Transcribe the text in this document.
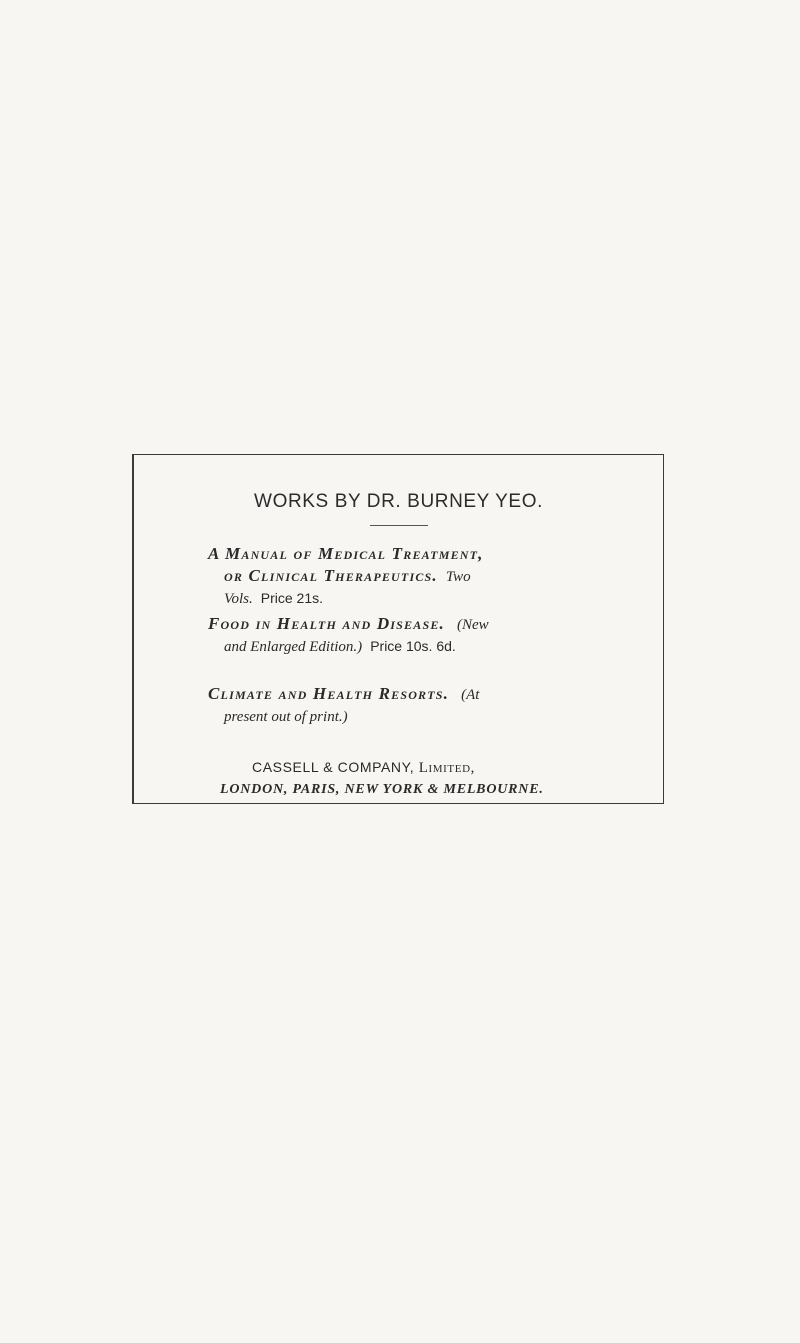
WORKS BY DR. BURNEY YEO.
A Manual of Medical Treatment,
or Clinical Therapeutics. Two
Vols. Price 21s.
Food in Health and Disease. (New
and Enlarged Edition.) Price 10s. 6d.
Climate and Health Resorts. (At
present out of print.)
CASSELL & COMPANY, Limited,
LONDON, PARIS, NEW YORK & MELBOURNE.
